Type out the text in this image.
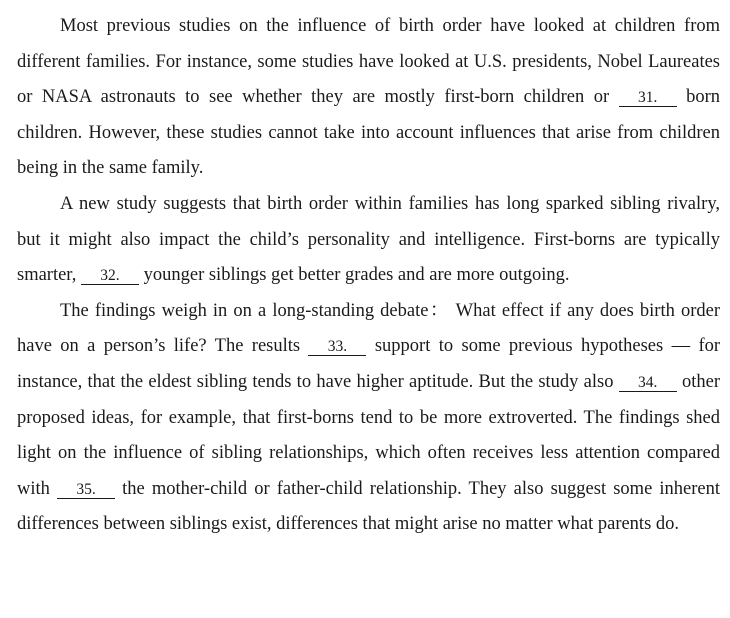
Most previous studies on the influence of birth order have looked at children from different families. For instance, some studies have looked at U.S. presidents, Nobel Laureates or NASA astronauts to see whether they are mostly first-born children or 31. born children. However, these studies cannot take into account influences that arise from children being in the same family.

A new study suggests that birth order within families has long sparked sibling rivalry, but it might also impact the child’s personality and intelligence. First-borns are typically smarter, 32. younger siblings get better grades and are more outgoing.

The findings weigh in on a long-standing debate： What effect if any does birth order have on a person’s life? The results 33. support to some previous hypotheses — for instance, that the eldest sibling tends to have higher aptitude. But the study also 34. other proposed ideas, for example, that first-borns tend to be more extroverted. The findings shed light on the influence of sibling relationships, which often receives less attention compared with 35. the mother-child or father-child relationship. They also suggest some inherent differences between siblings exist, differences that might arise no matter what parents do.
